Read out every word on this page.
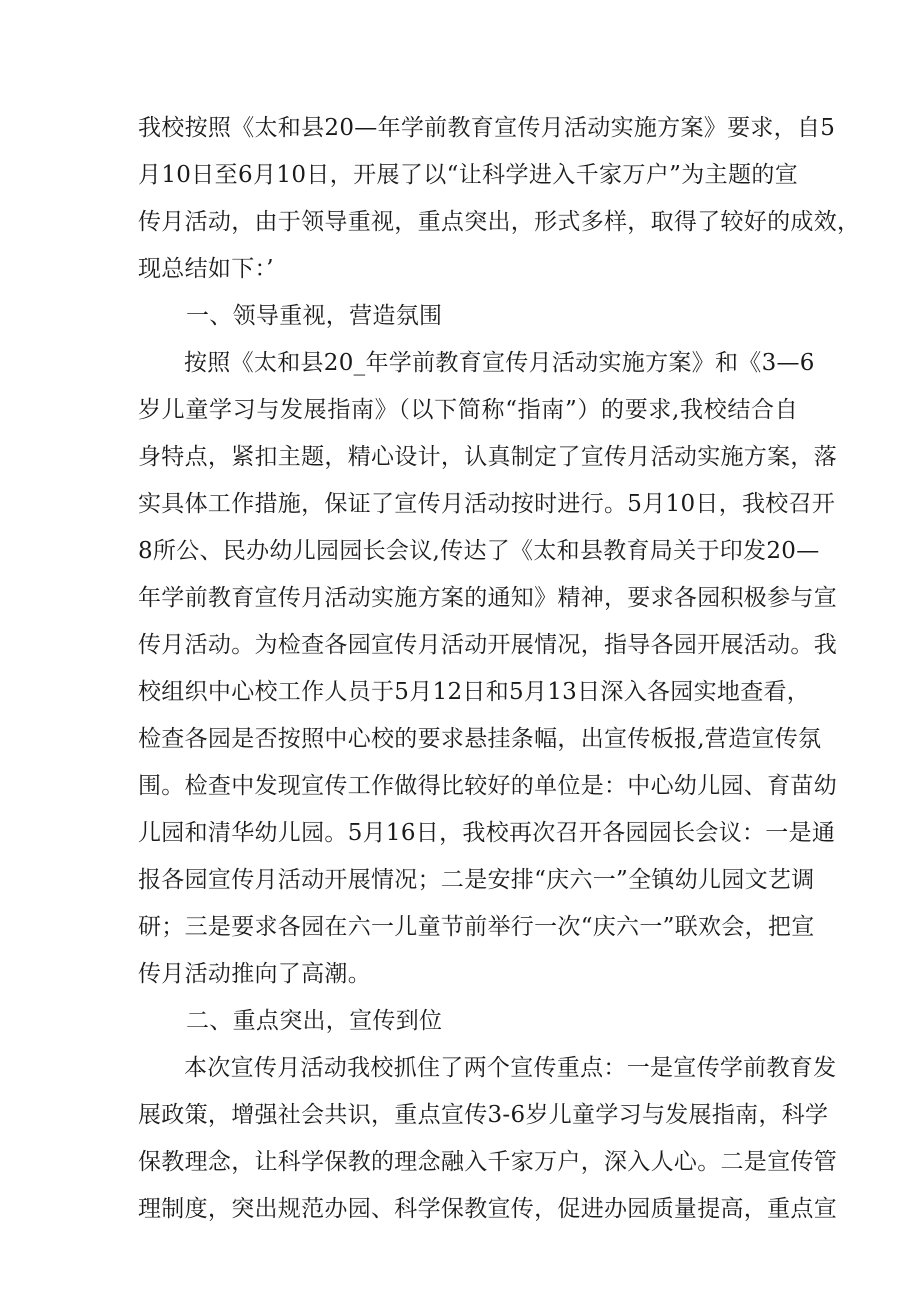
我校按照《太和县20—年学前教育宣传月活动实施方案》要求，自5
月10日至6月10日，开展了以“让科学进入千家万户”为主题的宣
传月活动，由于领导重视，重点突出，形式多样，取得了较好的成效，
现总结如下：’
一、领导重视，营造氛围
按照《太和县20_年学前教育宣传月活动实施方案》和《3—6
岁儿童学习与发展指南》（以下简称“指南”）的要求,我校结合自
身特点，紧扣主题，精心设计，认真制定了宣传月活动实施方案，落
实具体工作措施，保证了宣传月活动按时进行。5月10日，我校召开
8所公、民办幼儿园园长会议,传达了《太和县教育局关于印发20—
年学前教育宣传月活动实施方案的通知》精神，要求各园积极参与宣
传月活动。为检查各园宣传月活动开展情况，指导各园开展活动。我
校组织中心校工作人员于5月12日和5月13日深入各园实地查看，
检查各园是否按照中心校的要求悬挂条幅，出宣传板报,营造宣传氛
围。检查中发现宣传工作做得比较好的单位是：中心幼儿园、育苗幼
儿园和清华幼儿园。5月16日，我校再次召开各园园长会议：一是通
报各园宣传月活动开展情况；二是安排“庆六一”全镇幼儿园文艺调
研；三是要求各园在六一儿童节前举行一次“庆六一”联欢会，把宣
传月活动推向了高潮。
二、重点突出，宣传到位
本次宣传月活动我校抓住了两个宣传重点：一是宣传学前教育发
展政策，增强社会共识，重点宣传3-6岁儿童学习与发展指南，科学
保教理念，让科学保教的理念融入千家万户，深入人心。二是宣传管
理制度，突出规范办园、科学保教宣传，促进办园质量提高，重点宣
